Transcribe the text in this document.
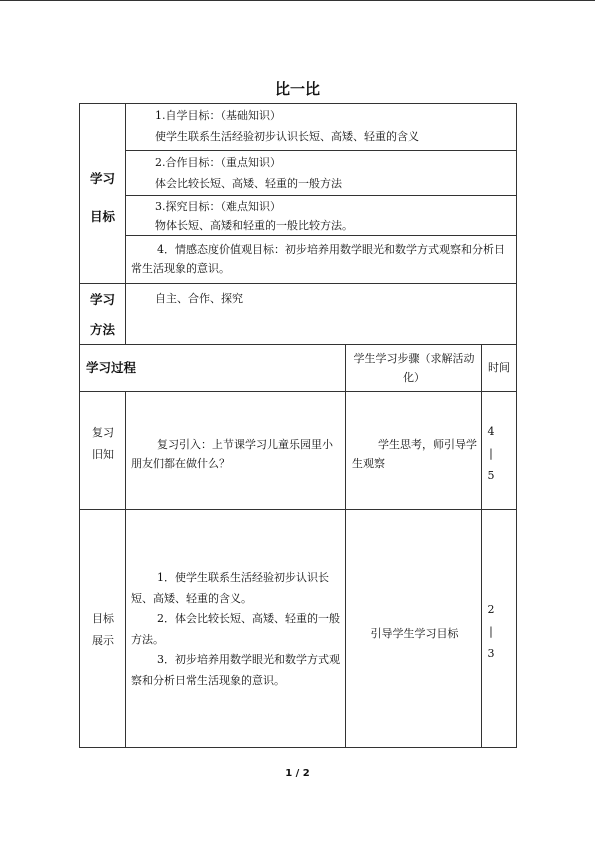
比一比
学习
目标

1.自学目标：（基础知识）

使学生联系生活经验初步认识长短、高矮、轻重的含义

2.合作目标：（重点知识）

体会比较长短、高矮、轻重的一般方法

3.探究目标：（难点知识）

物体长短、高矮和轻重的一般比较方法。

4．情感态度价值观目标：初步培养用数学眼光和数学方式观察和分析日常生活现象的意识。

学习
方法
自主、合作、探究
学习过程
学生学习步骤（求解活动化）
时间
复习旧知

复习引入：上节课学习儿童乐园里小朋友们都在做什么？

学生思考，师引导学生观察

4
|
5
目标展示

1．使学生联系生活经验初步认识长短、高矮、轻重的含义。

2．体会比较长短、高矮、轻重的一般方法。

3．初步培养用数学眼光和数学方式观察和分析日常生活现象的意识。

引导学生学习目标
2
|
3
1 / 2
